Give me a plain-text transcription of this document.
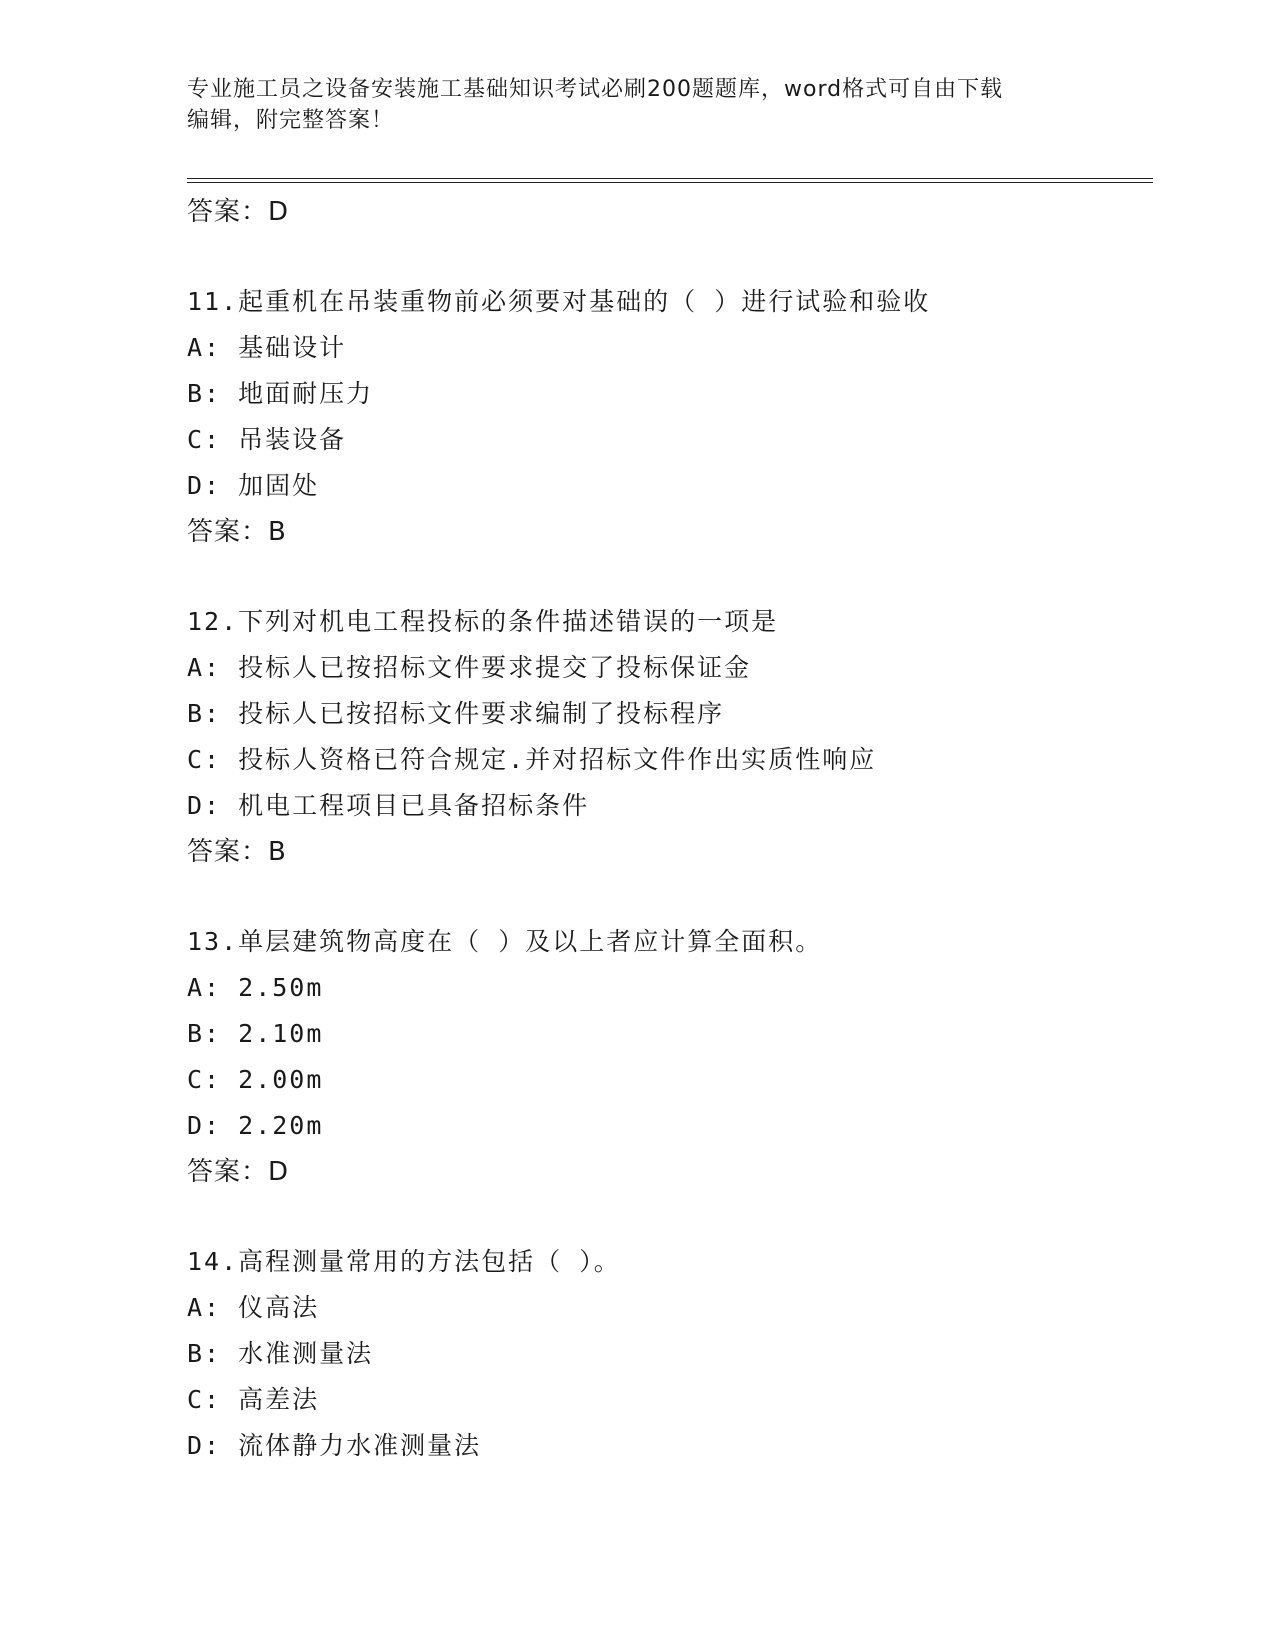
专业施工员之设备安装施工基础知识考试必刷200题题库，word格式可自由下载
编辑，附完整答案！
答案：D
11.起重机在吊装重物前必须要对基础的（ ）进行试验和验收
A: 基础设计
B: 地面耐压力
C: 吊装设备
D: 加固处
答案：B
12.下列对机电工程投标的条件描述错误的一项是
A: 投标人已按招标文件要求提交了投标保证金
B: 投标人已按招标文件要求编制了投标程序
C: 投标人资格已符合规定.并对招标文件作出实质性响应
D: 机电工程项目已具备招标条件
答案：B
13.单层建筑物高度在（ ）及以上者应计算全面积。
A: 2.50m
B: 2.10m
C: 2.00m
D: 2.20m
答案：D
14.高程测量常用的方法包括（ ）。
A: 仪高法
B: 水准测量法
C: 高差法
D: 流体静力水准测量法
